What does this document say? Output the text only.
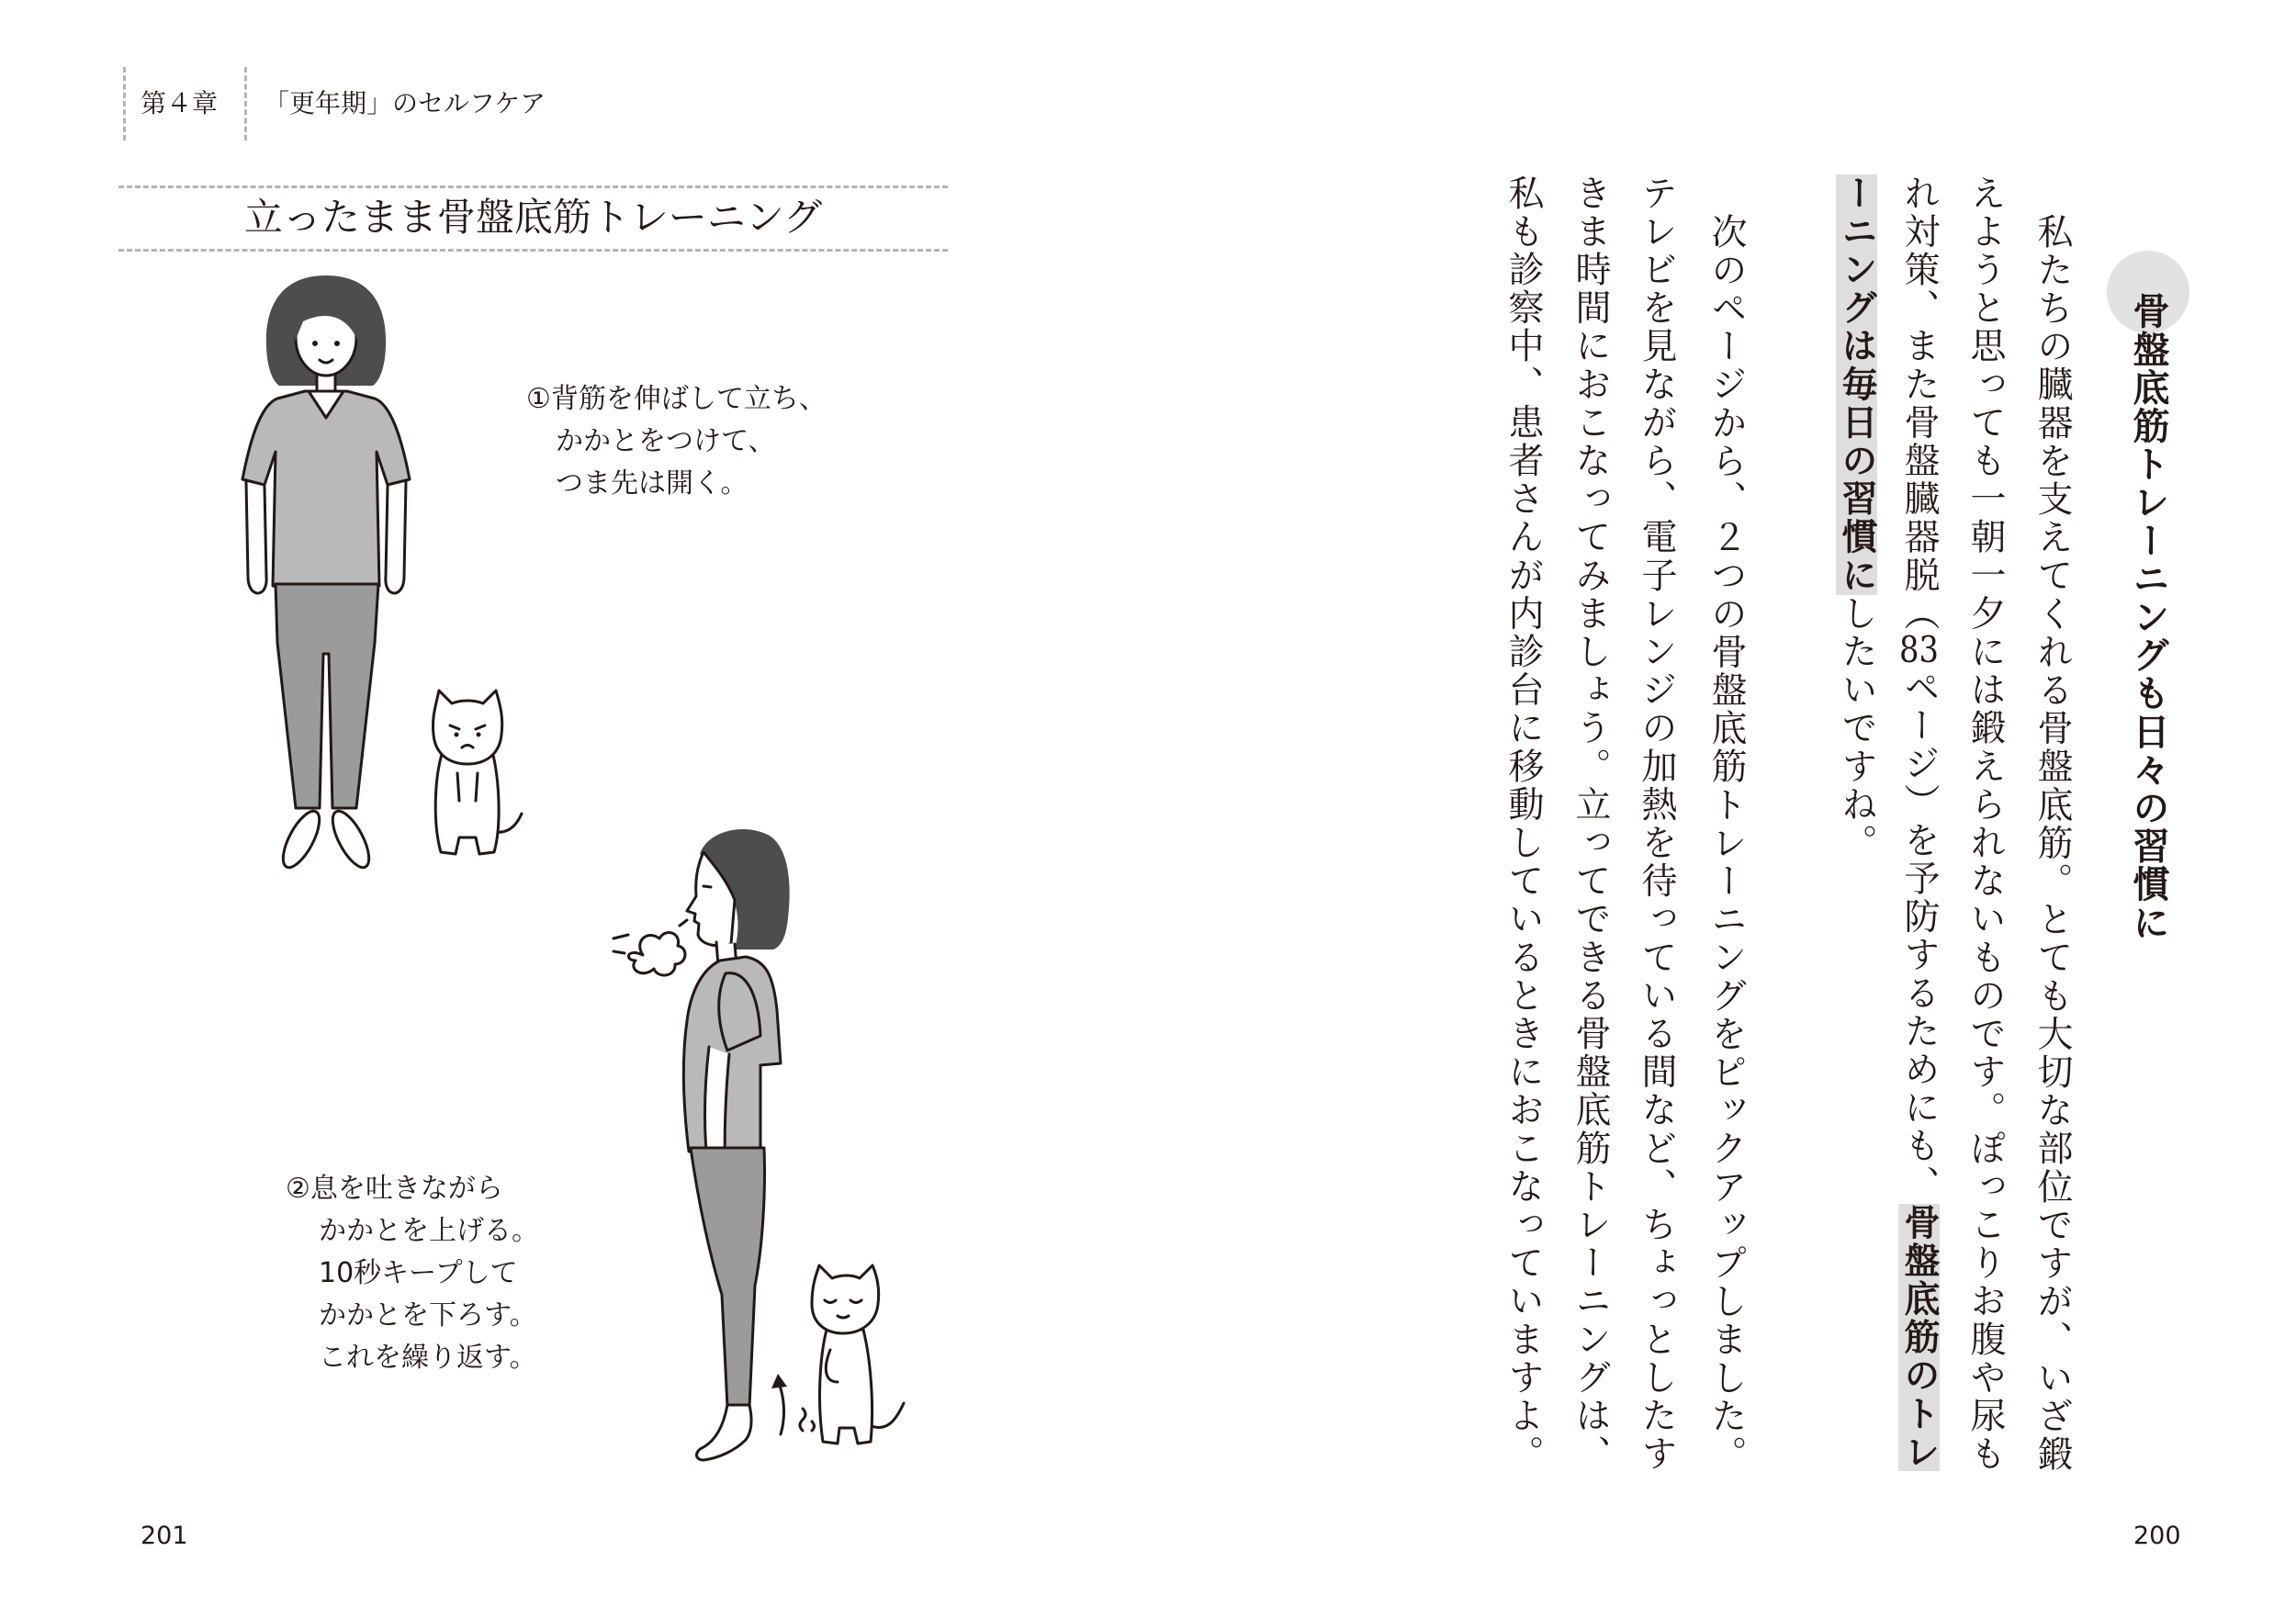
第４章 「更年期」のセルフケア
立ったまま骨盤底筋トレーニング
①背筋を伸ばして立ち、
かかとをつけて、
つま先は開く。
②息を吐きながら
かかとを上げる。
10秒キープして
かかとを下ろす。
これを繰り返す。
201
骨盤底筋トレーニングも日々の習慣に
私たちの臓器を支えてくれる骨盤底筋。とても大切な部位ですが、いざ鍛
えようと思っても一朝一夕には鍛えられないものです。ぽっこりお腹や尿も
れ対策、また骨盤臓器脱（83ページ）を予防するためにも、骨盤底筋のトレ
ーニングは毎日の習慣にしたいですね。
次のページから、２つの骨盤底筋トレーニングをピックアップしました。
テレビを見ながら、電子レンジの加熱を待っている間など、ちょっとしたす
きま時間におこなってみましょう。立ってできる骨盤底筋トレーニングは、
私も診察中、患者さんが内診台に移動しているときにおこなっていますよ。
200
